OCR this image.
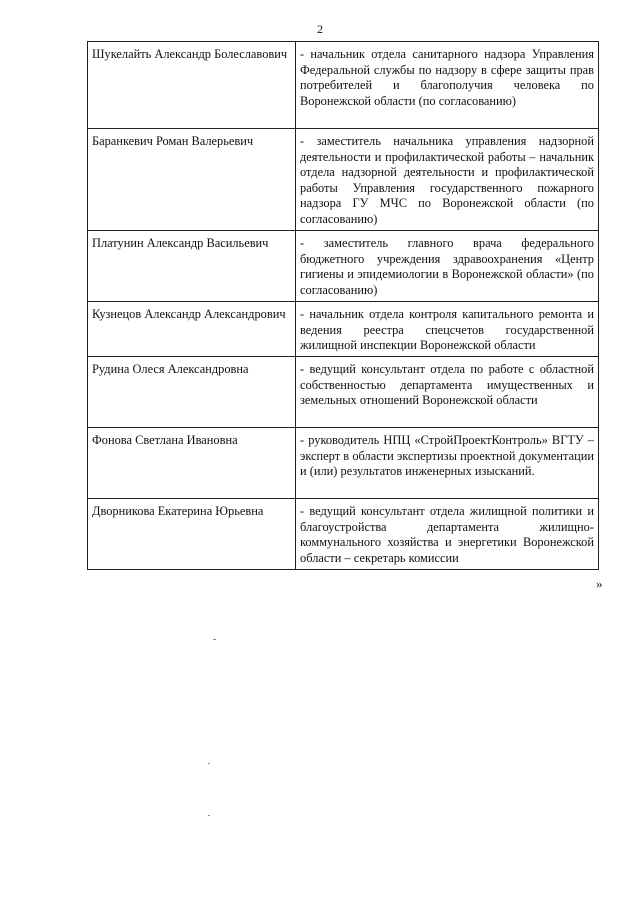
2
Шукелайть Александр Болеславович	- начальник отдела санитарного надзора Управления Федеральной службы по надзору в сфере защиты прав потребителей и благополучия человека по Воронежской области (по согласованию)
Баранкевич Роман Валерьевич	- заместитель начальника управления надзорной деятельности и профилактической работы – начальник отдела надзорной деятельности и профилактической работы Управления государственного пожарного надзора ГУ МЧС по Воронежской области (по согласованию)
Платунин Александр Васильевич	- заместитель главного врача федерального бюджетного учреждения здравоохранения «Центр гигиены и эпидемиологии в Воронежской области» (по согласованию)
Кузнецов Александр Александрович	- начальник отдела контроля капитального ремонта и ведения реестра спецсчетов государственной жилищной инспекции Воронежской области
Рудина Олеся Александровна	- ведущий консультант отдела по работе с областной собственностью департамента имущественных и земельных отношений Воронежской области
Фонова Светлана Ивановна	- руководитель НПЦ «СтройПроектКонтроль» ВГТУ – эксперт в области экспертизы проектной документации и (или) результатов инженерных изысканий.
Дворникова Екатерина Юрьевна	- ведущий консультант отдела жилищной политики и благоустройства департамента жилищно-коммунального хозяйства и энергетики Воронежской области – секретарь комиссии
»
